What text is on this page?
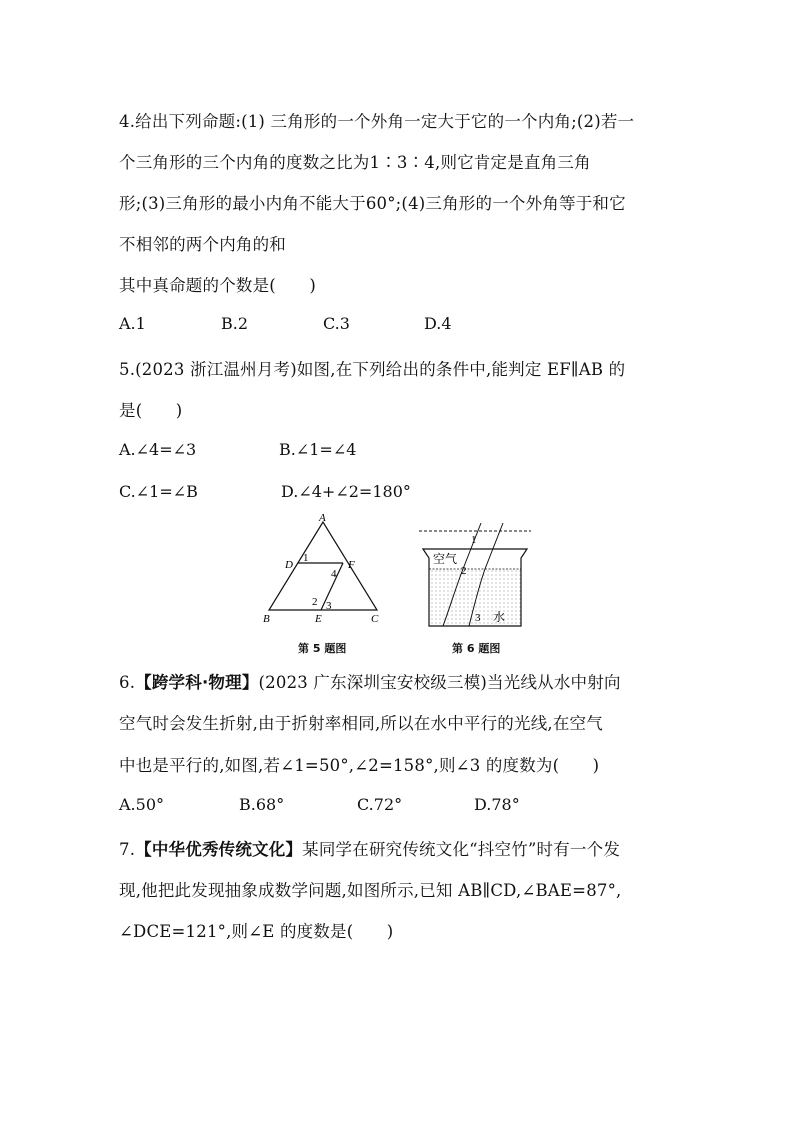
4.给出下列命题:(1) 三角形的一个外角一定大于它的一个内角;(2)若一
个三角形的三个内角的度数之比为1∶3∶4,则它肯定是直角三角
形;(3)三角形的最小内角不能大于60°;(4)三角形的一个外角等于和它
不相邻的两个内角的和
其中真命题的个数是(　　)
A.1	B.2	C.3	D.4
5.(2023 浙江温州月考)如图,在下列给出的条件中,能判定 EF∥AB 的
是(　　)
A.∠4=∠3	B.∠1=∠4
C.∠1=∠B	D.∠4+∠2=180°
A
B	C
D
E
F
1
4
2 3
第 5 题图
空气
水
1
2
3
第 6 题图
6.【跨学科·物理】(2023 广东深圳宝安校级三模)当光线从水中射向
空气时会发生折射,由于折射率相同,所以在水中平行的光线,在空气
中也是平行的,如图,若∠1=50°,∠2=158°,则∠3 的度数为(　　)
A.50°	B.68°	C.72°	D.78°
7.【中华优秀传统文化】某同学在研究传统文化“抖空竹”时有一个发
现,他把此发现抽象成数学问题,如图所示,已知 AB∥CD,∠BAE=87°,
∠DCE=121°,则∠E 的度数是(　　)
